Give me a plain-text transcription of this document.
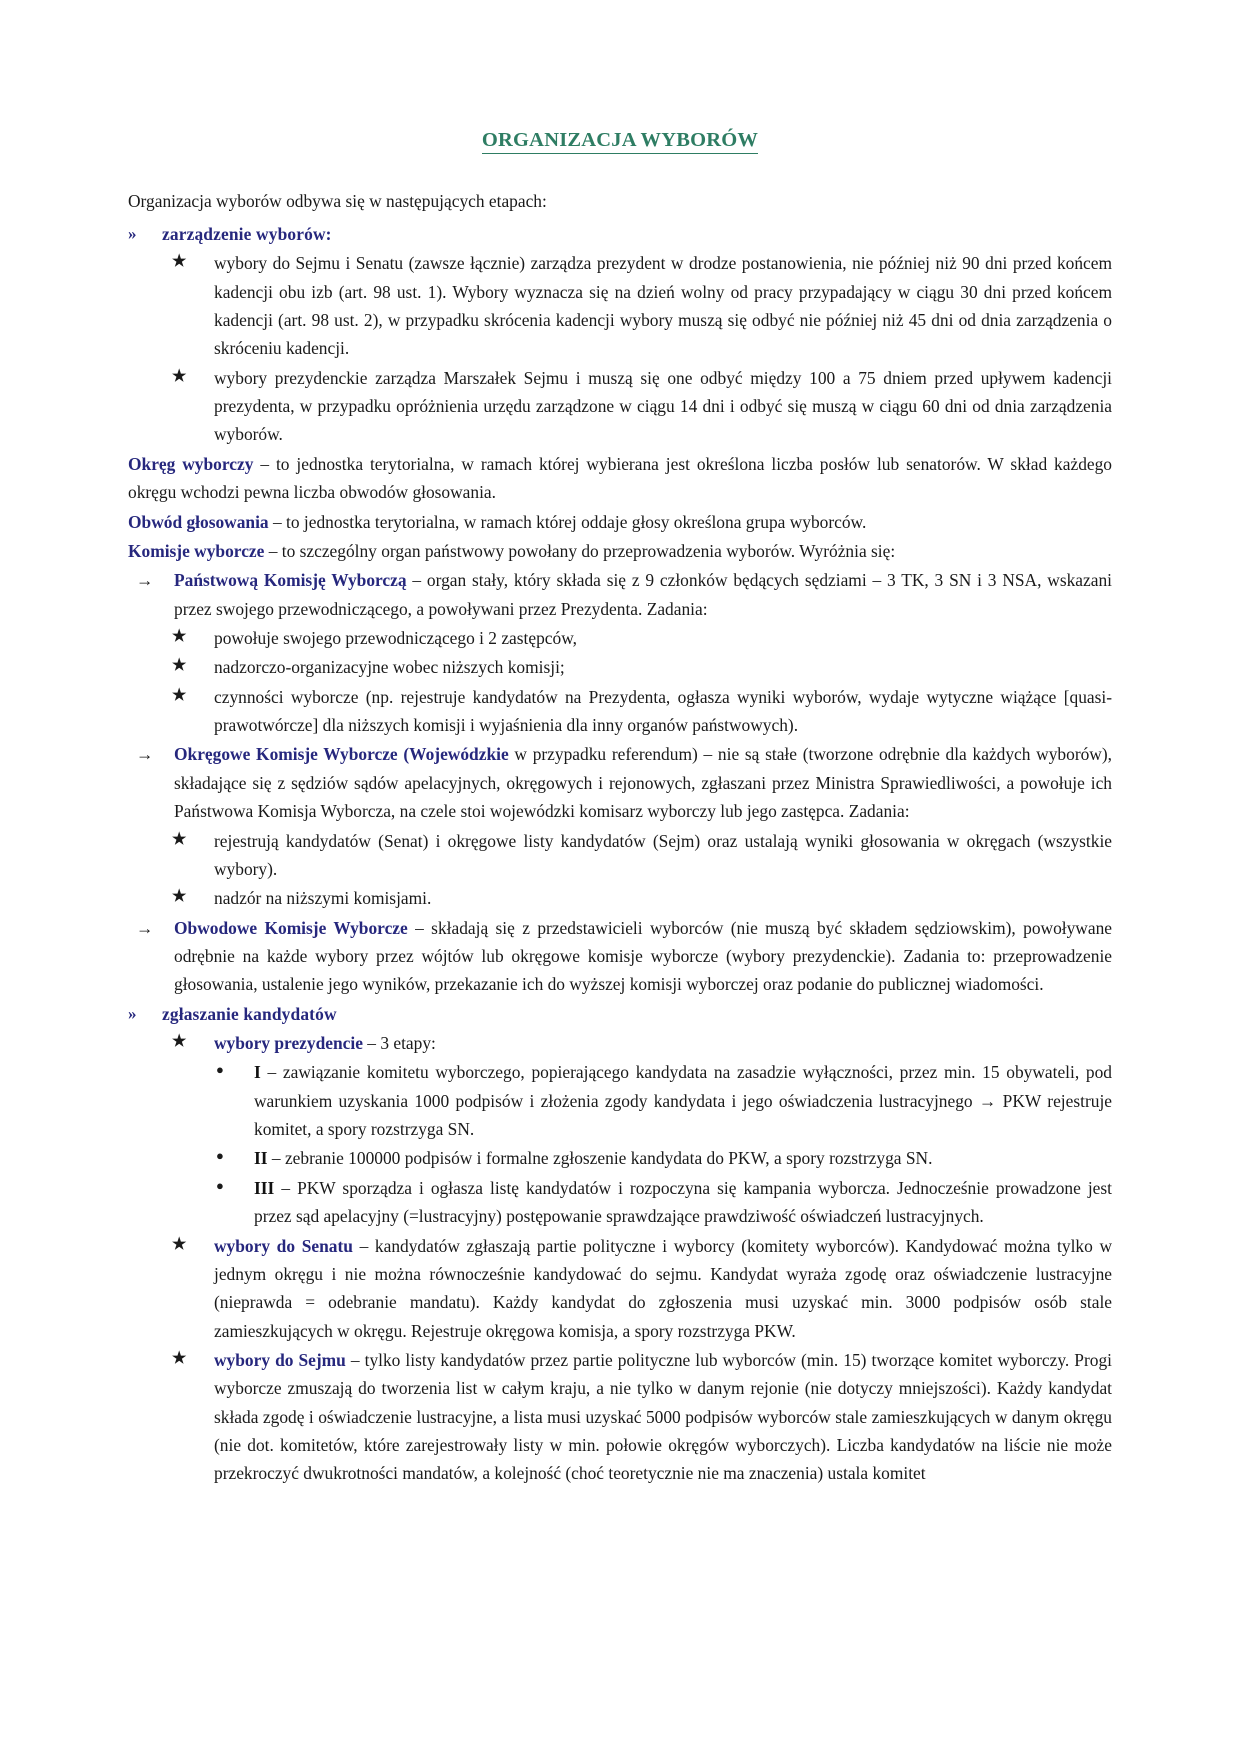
ORGANIZACJA WYBORÓW

Organizacja wyborów odbywa się w następujących etapach:

»	zarządzenie wyborów:
★	wybory do Sejmu i Senatu (zawsze łącznie) zarządza prezydent w drodze postanowienia, nie później niż 90 dni przed końcem kadencji obu izb (art. 98 ust. 1). Wybory wyznacza się na dzień wolny od pracy przypadający w ciągu 30 dni przed końcem kadencji (art. 98 ust. 2), w przypadku skrócenia kadencji wybory muszą się odbyć nie później niż 45 dni od dnia zarządzenia o skróceniu kadencji.
★	wybory prezydenckie zarządza Marszałek Sejmu i muszą się one odbyć między 100 a 75 dniem przed upływem kadencji prezydenta, w przypadku opróżnienia urzędu zarządzone w ciągu 14 dni i odbyć się muszą w ciągu 60 dni od dnia zarządzenia wyborów.

Okręg wyborczy – to jednostka terytorialna, w ramach której wybierana jest określona liczba posłów lub senatorów. W skład każdego okręgu wchodzi pewna liczba obwodów głosowania.

Obwód głosowania – to jednostka terytorialna, w ramach której oddaje głosy określona grupa wyborców.

Komisje wyborcze – to szczególny organ państwowy powołany do przeprowadzenia wyborów. Wyróżnia się:

→	Państwową Komisję Wyborczą – organ stały, który składa się z 9 członków będących sędziami – 3 TK, 3 SN i 3 NSA, wskazani przez swojego przewodniczącego, a powoływani przez Prezydenta. Zadania:
★	powołuje swojego przewodniczącego i 2 zastępców,
★	nadzorczo-organizacyjne wobec niższych komisji;
★	czynności wyborcze (np. rejestruje kandydatów na Prezydenta, ogłasza wyniki wyborów, wydaje wytyczne wiążące [quasi-prawotwórcze] dla niższych komisji i wyjaśnienia dla inny organów państwowych).
→	Okręgowe Komisje Wyborcze (Wojewódzkie w przypadku referendum) – nie są stałe (tworzone odrębnie dla każdych wyborów), składające się z sędziów sądów apelacyjnych, okręgowych i rejonowych, zgłaszani przez Ministra Sprawiedliwości, a powołuje ich Państwowa Komisja Wyborcza, na czele stoi wojewódzki komisarz wyborczy lub jego zastępca. Zadania:
★	rejestrują kandydatów (Senat) i okręgowe listy kandydatów (Sejm) oraz ustalają wyniki głosowania w okręgach (wszystkie wybory).
★	nadzór na niższymi komisjami.
→	Obwodowe Komisje Wyborcze – składają się z przedstawicieli wyborców (nie muszą być składem sędziowskim), powoływane odrębnie na każde wybory przez wójtów lub okręgowe komisje wyborcze (wybory prezydenckie). Zadania to: przeprowadzenie głosowania, ustalenie jego wyników, przekazanie ich do wyższej komisji wyborczej oraz podanie do publicznej wiadomości.
»	zgłaszanie kandydatów
★	wybory prezydencie – 3 etapy:
●	I – zawiązanie komitetu wyborczego, popierającego kandydata na zasadzie wyłączności, przez min. 15 obywateli, pod warunkiem uzyskania 1000 podpisów i złożenia zgody kandydata i jego oświadczenia lustracyjnego → PKW rejestruje komitet, a spory rozstrzyga SN.
●	II – zebranie 100000 podpisów i formalne zgłoszenie kandydata do PKW, a spory rozstrzyga SN.
●	III – PKW sporządza i ogłasza listę kandydatów i rozpoczyna się kampania wyborcza. Jednocześnie prowadzone jest przez sąd apelacyjny (=lustracyjny) postępowanie sprawdzające prawdziwość oświadczeń lustracyjnych.
★	wybory do Senatu – kandydatów zgłaszają partie polityczne i wyborcy (komitety wyborców). Kandydować można tylko w jednym okręgu i nie można równocześnie kandydować do sejmu. Kandydat wyraża zgodę oraz oświadczenie lustracyjne (nieprawda = odebranie mandatu). Każdy kandydat do zgłoszenia musi uzyskać min. 3000 podpisów osób stale zamieszkujących w okręgu. Rejestruje okręgowa komisja, a spory rozstrzyga PKW.
★	wybory do Sejmu – tylko listy kandydatów przez partie polityczne lub wyborców (min. 15) tworzące komitet wyborczy. Progi wyborcze zmuszają do tworzenia list w całym kraju, a nie tylko w danym rejonie (nie dotyczy mniejszości). Każdy kandydat składa zgodę i oświadczenie lustracyjne, a lista musi uzyskać 5000 podpisów wyborców stale zamieszkujących w danym okręgu (nie dot. komitetów, które zarejestrowały listy w min. połowie okręgów wyborczych). Liczba kandydatów na liście nie może przekroczyć dwukrotności mandatów, a kolejność (choć teoretycznie nie ma znaczenia) ustala komitet
